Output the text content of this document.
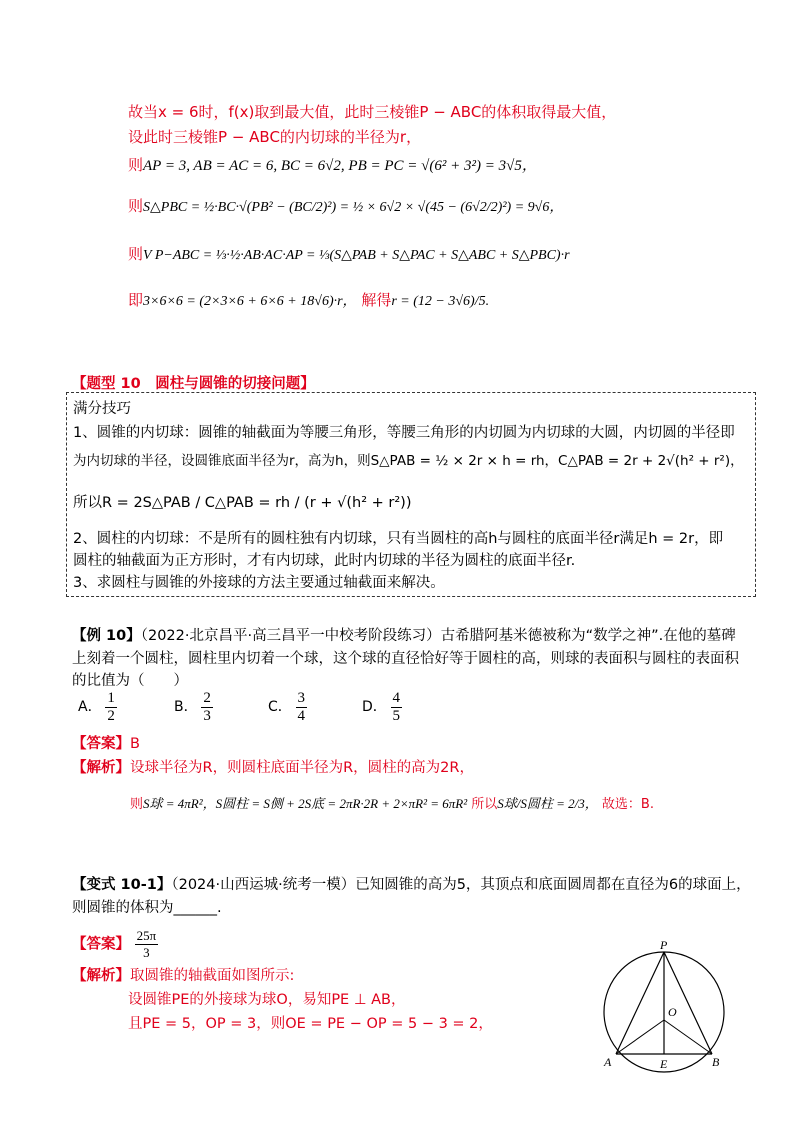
故当x = 6时，f(x)取到最大值，此时三棱锥P − ABC的体积取得最大值，
设此时三棱锥P − ABC的内切球的半径为r，
则AP = 3, AB = AC = 6, BC = 6√2, PB = PC = √(6² + 3²) = 3√5，
则S△PBC = ½·BC·√(PB² − (BC/2)²) = ½ × 6√2 × √(45 − (6√2/2)²) = 9√6，
则V P−ABC = ⅓·½·AB·AC·AP = ⅓(S△PAB + S△PAC + S△ABC + S△PBC)·r
即3×6×6 = (2×3×6 + 6×6 + 18√6)·r， 解得r = (12 − 3√6)/5.
【题型 10　圆柱与圆锥的切接问题】
满分技巧
1、圆锥的内切球：圆锥的轴截面为等腰三角形，等腰三角形的内切圆为内切球的大圆，内切圆的半径即
为内切球的半径，设圆锥底面半径为r，高为h，则S△PAB = ½ × 2r × h = rh，C△PAB = 2r + 2√(h² + r²)，
所以R = 2S△PAB / C△PAB = rh / (r + √(h² + r²))
2、圆柱的内切球：不是所有的圆柱独有内切球，只有当圆柱的高h与圆柱的底面半径r满足h = 2r，即
圆柱的轴截面为正方形时，才有内切球，此时内切球的半径为圆柱的底面半径r.
3、求圆柱与圆锥的外接球的方法主要通过轴截面来解决。
【例 10】（2022·北京昌平·高三昌平一中校考阶段练习）古希腊阿基米德被称为“数学之神”.在他的墓碑
上刻着一个圆柱，圆柱里内切着一个球，这个球的直径恰好等于圆柱的高，则球的表面积与圆柱的表面积
的比值为（　　）
A． $\frac{1}{2}$	B． $\frac{2}{3}$	C． $\frac{3}{4}$	D． $\frac{4}{5}$
【答案】B
【解析】设球半径为R，则圆柱底面半径为R，圆柱的高为2R，
则S球 = 4πR²，S圆柱 = S侧 + 2S底 = 2πR·2R + 2×πR² = 6πR² 所以S球/S圆柱 = 2/3， 故选：B.
【变式 10-1】（2024·山西运城·统考一模）已知圆锥的高为5，其顶点和底面圆周都在直径为6的球面上，
则圆锥的体积为______.
【答案】 $\frac{25\pi}{3}$
【解析】取圆锥的轴截面如图所示:
设圆锥PE的外接球为球O，易知PE ⊥ AB，
且PE = 5，OP = 3，则OE = PE − OP = 5 − 3 = 2，
P
O
A	E	B
